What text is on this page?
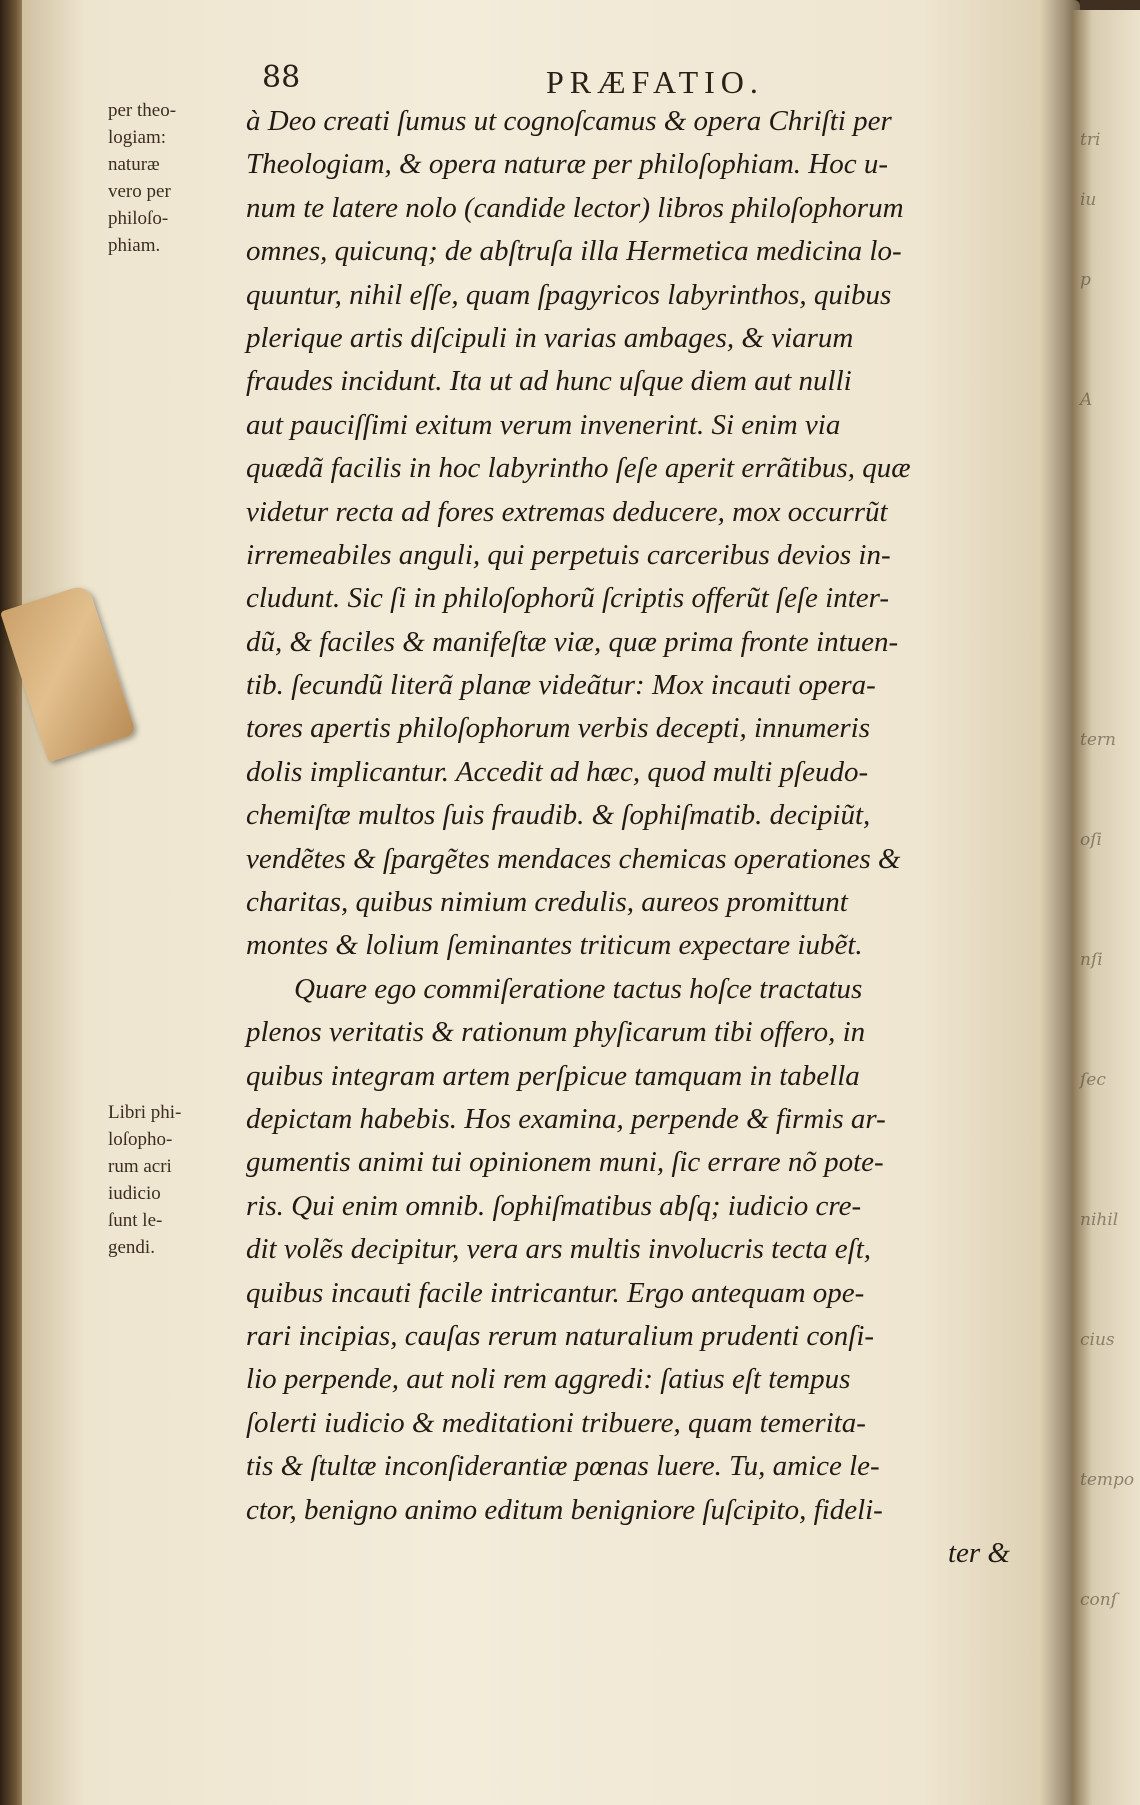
tri
iu
p
A
tern
oſi
nſi
ſec
nihil
cius
tempo
conſ
88	PRÆFATIO.
per theo-
logiam:
naturæ
vero per
philoſo-
phiam.
Libri phi-
loſopho-
rum acri
iudicio
ſunt le-
gendi.
à Deo creati ſumus ut cognoſcamus & opera Chriſti per
Theologiam, & opera naturæ per philoſophiam. Hoc u-
num te latere nolo (candide lector) libros philoſophorum
omnes, quicunq; de abſtruſa illa Hermetica medicina lo-
quuntur, nihil eſſe, quam ſpagyricos labyrinthos, quibus
plerique artis diſcipuli in varias ambages, & viarum
fraudes incidunt. Ita ut ad hunc uſque diem aut nulli
aut pauciſſimi exitum verum invenerint. Si enim via
quædã facilis in hoc labyrintho ſeſe aperit errãtibus, quæ
videtur recta ad fores extremas deducere, mox occurrũt
irremeabiles anguli, qui perpetuis carceribus devios in-
cludunt. Sic ſi in philoſophorũ ſcriptis offerũt ſeſe inter-
dũ, & faciles & manifeſtæ viæ, quæ prima fronte intuen-
tib. ſecundũ literã planæ videãtur: Mox incauti opera-
tores apertis philoſophorum verbis decepti, innumeris
dolis implicantur. Accedit ad hæc, quod multi pſeudo-
chemiſtæ multos ſuis fraudib. & ſophiſmatib. decipiũt,
vendẽtes & ſpargẽtes mendaces chemicas operationes &
charitas, quibus nimium credulis, aureos promittunt
montes & lolium ſeminantes triticum expectare iubẽt.
Quare ego commiſeratione tactus hoſce tractatus
plenos veritatis & rationum phyſicarum tibi offero, in
quibus integram artem perſpicue tamquam in tabella
depictam habebis. Hos examina, perpende & firmis ar-
gumentis animi tui opinionem muni, ſic errare nõ pote-
ris. Qui enim omnib. ſophiſmatibus abſq; iudicio cre-
dit volẽs decipitur, vera ars multis involucris tecta eſt,
quibus incauti facile intricantur. Ergo antequam ope-
rari incipias, cauſas rerum naturalium prudenti conſi-
lio perpende, aut noli rem aggredi: ſatius eſt tempus
ſolerti iudicio & meditationi tribuere, quam temerita-
tis & ſtultæ inconſiderantiæ pœnas luere. Tu, amice le-
ctor, benigno animo editum benigniore ſuſcipito, fideli-
ter &
